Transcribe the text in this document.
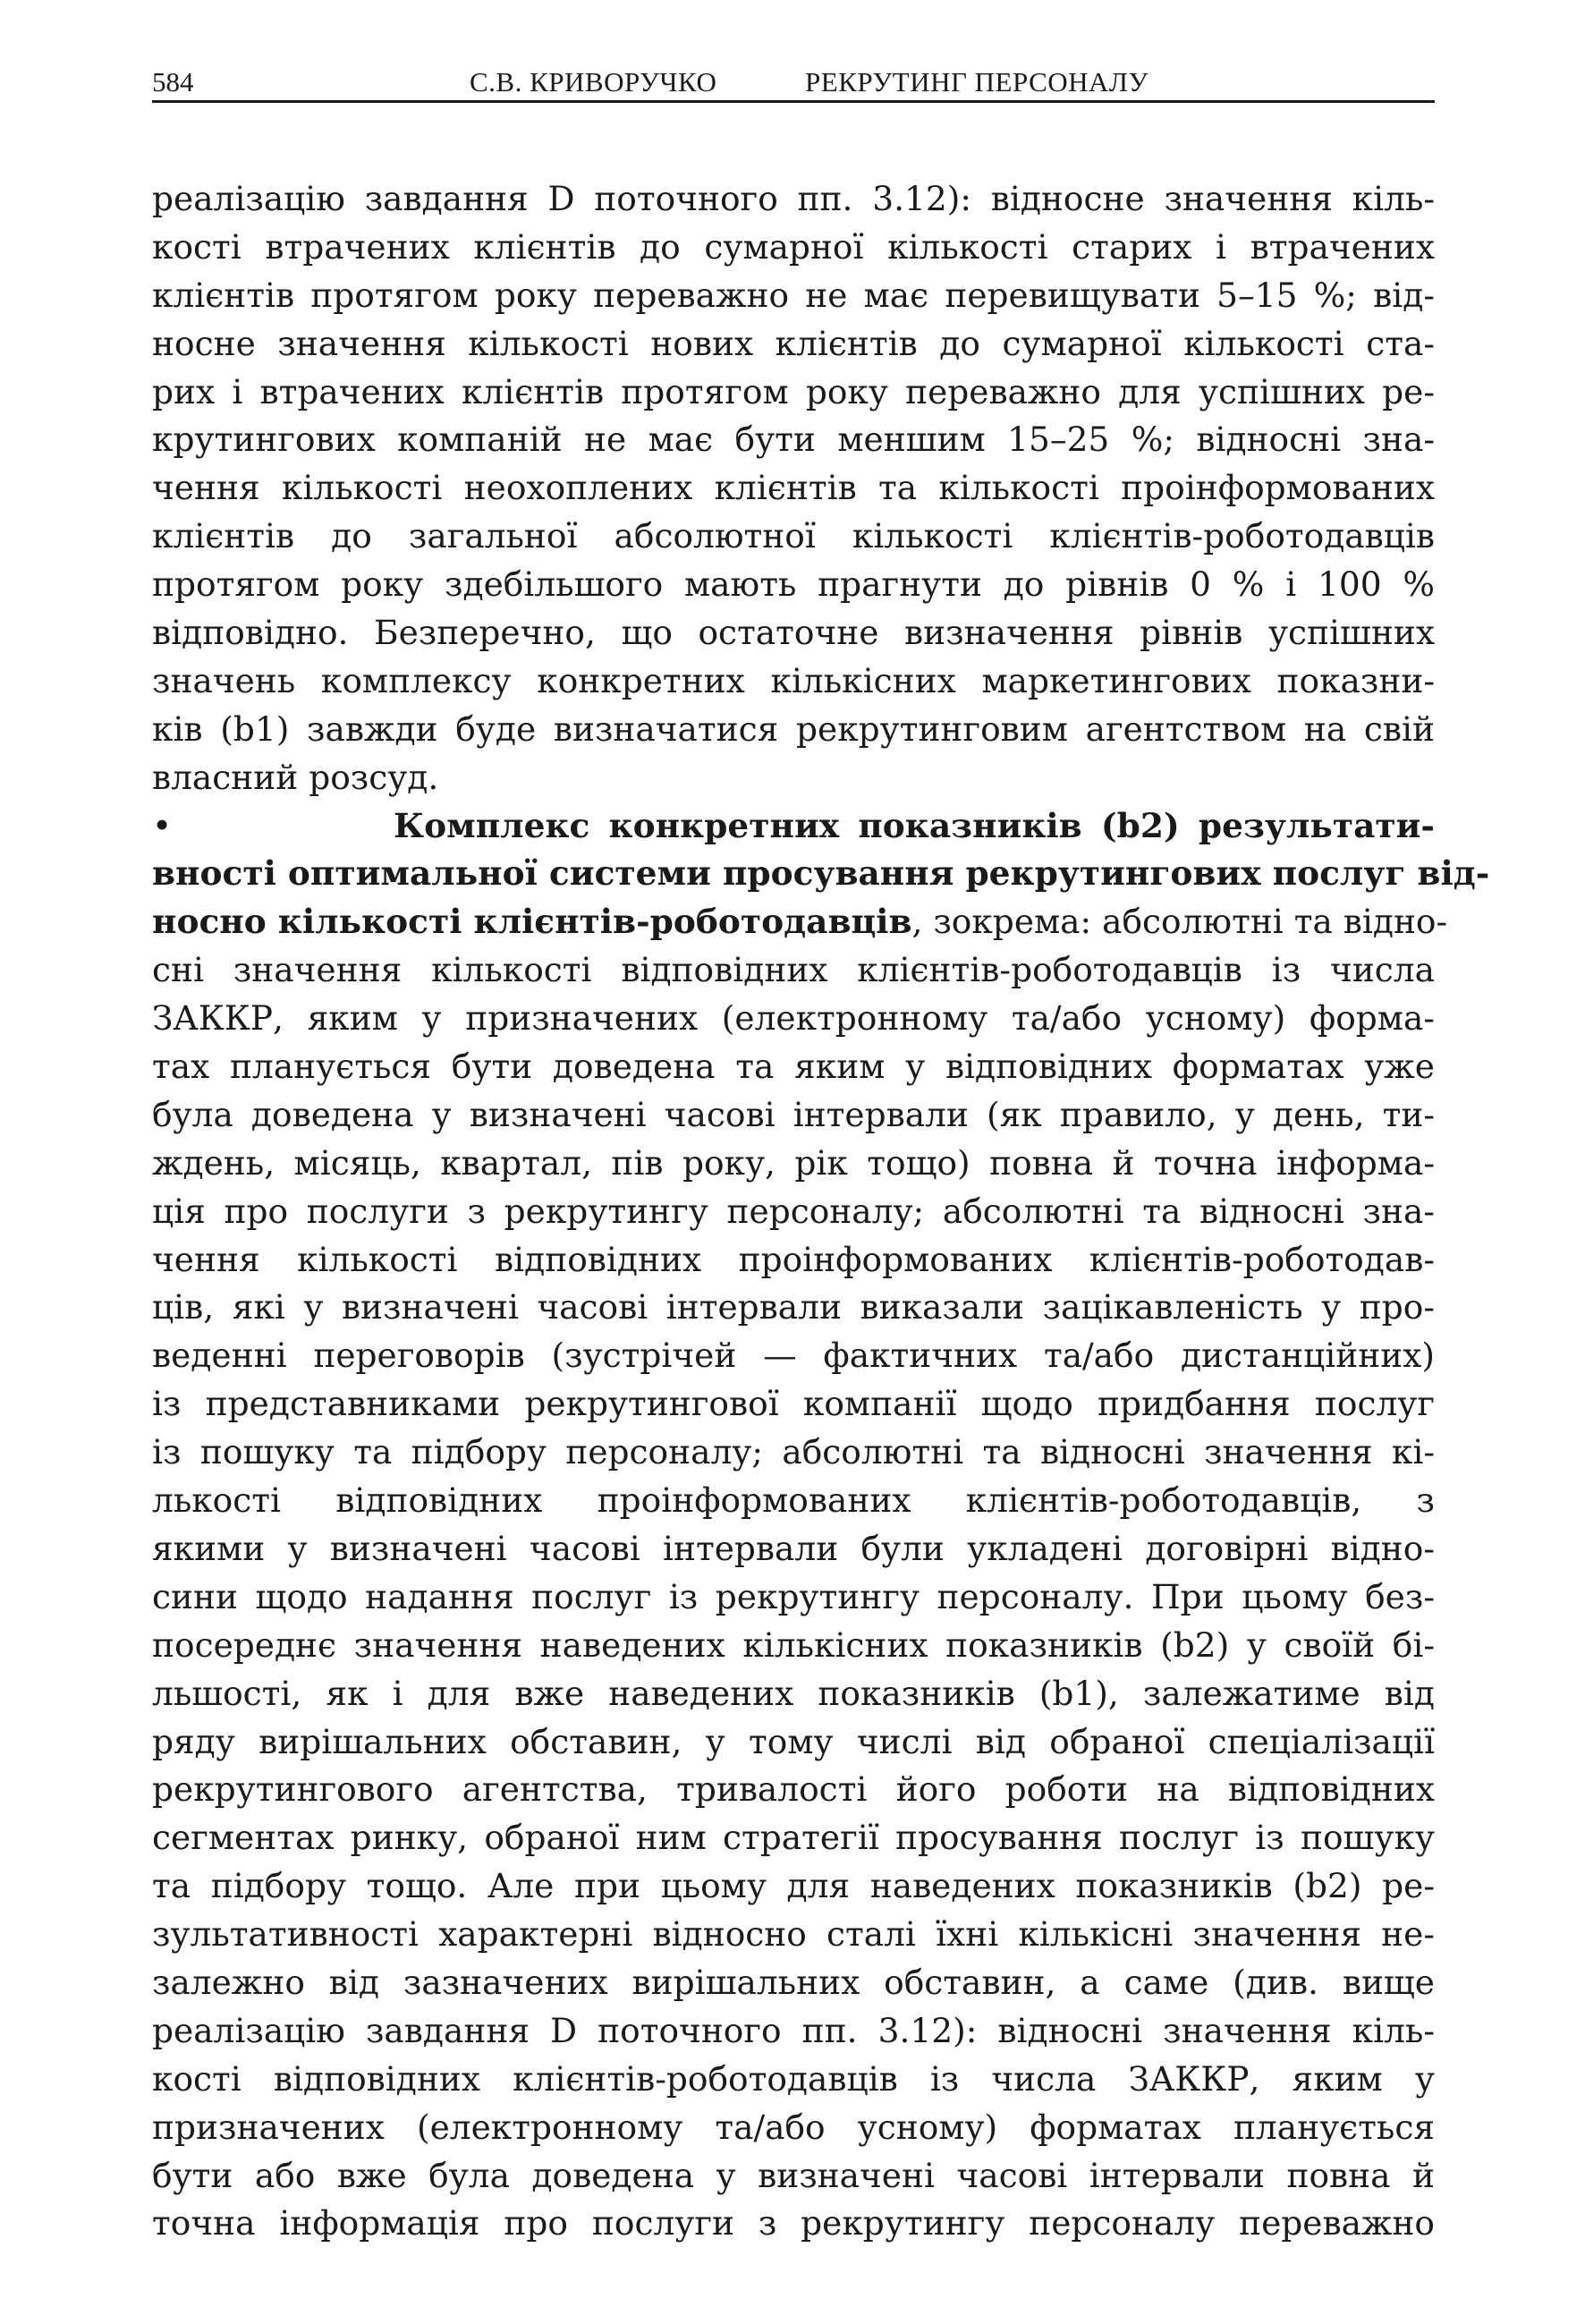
584	С.В. КРИВОРУЧКО	РЕКРУТИНГ ПЕРСОНАЛУ
реалізацію завдання D поточного пп. 3.12): відносне значення кіль-
кості втрачених клієнтів до сумарної кількості старих і втрачених
клієнтів протягом року переважно не має перевищувати 5–15 %; від-
носне значення кількості нових клієнтів до сумарної кількості ста-
рих і втрачених клієнтів протягом року переважно для успішних ре-
крутингових компаній не має бути меншим 15–25 %; відносні зна-
чення кількості неохоплених клієнтів та кількості проінформованих
клієнтів до загальної абсолютної кількості клієнтів-роботодавців
протягом року здебільшого мають прагнути до рівнів 0 % і 100 %
відповідно. Безперечно, що остаточне визначення рівнів успішних
значень комплексу конкретних кількісних маркетингових показни-
ків (b1) завжди буде визначатися рекрутинговим агентством на свій
власний розсуд.
•	Комплекс конкретних показників (b2) результати-
вності оптимальної системи просування рекрутингових послуг від-
носно кількості клієнтів-роботодавців, зокрема: абсолютні та відно-
сні значення кількості відповідних клієнтів-роботодавців із числа
ЗАККР, яким у призначених (електронному та/або усному) форма-
тах планується бути доведена та яким у відповідних форматах уже
була доведена у визначені часові інтервали (як правило, у день, ти-
ждень, місяць, квартал, пів року, рік тощо) повна й точна інформа-
ція про послуги з рекрутингу персоналу; абсолютні та відносні зна-
чення кількості відповідних проінформованих клієнтів-роботодав-
ців, які у визначені часові інтервали виказали зацікавленість у про-
веденні переговорів (зустрічей — фактичних та/або дистанційних)
із представниками рекрутингової компанії щодо придбання послуг
із пошуку та підбору персоналу; абсолютні та відносні значення кі-
лькості відповідних проінформованих клієнтів-роботодавців, з
якими у визначені часові інтервали були укладені договірні відно-
сини щодо надання послуг із рекрутингу персоналу. При цьому без-
посереднє значення наведених кількісних показників (b2) у своїй бі-
льшості, як і для вже наведених показників (b1), залежатиме від
ряду вирішальних обставин, у тому числі від обраної спеціалізації
рекрутингового агентства, тривалості його роботи на відповідних
сегментах ринку, обраної ним стратегії просування послуг із пошуку
та підбору тощо. Але при цьому для наведених показників (b2) ре-
зультативності характерні відносно сталі їхні кількісні значення не-
залежно від зазначених вирішальних обставин, а саме (див. вище
реалізацію завдання D поточного пп. 3.12): відносні значення кіль-
кості відповідних клієнтів-роботодавців із числа ЗАККР, яким у
призначених (електронному та/або усному) форматах планується
бути або вже була доведена у визначені часові інтервали повна й
точна інформація про послуги з рекрутингу персоналу переважно
